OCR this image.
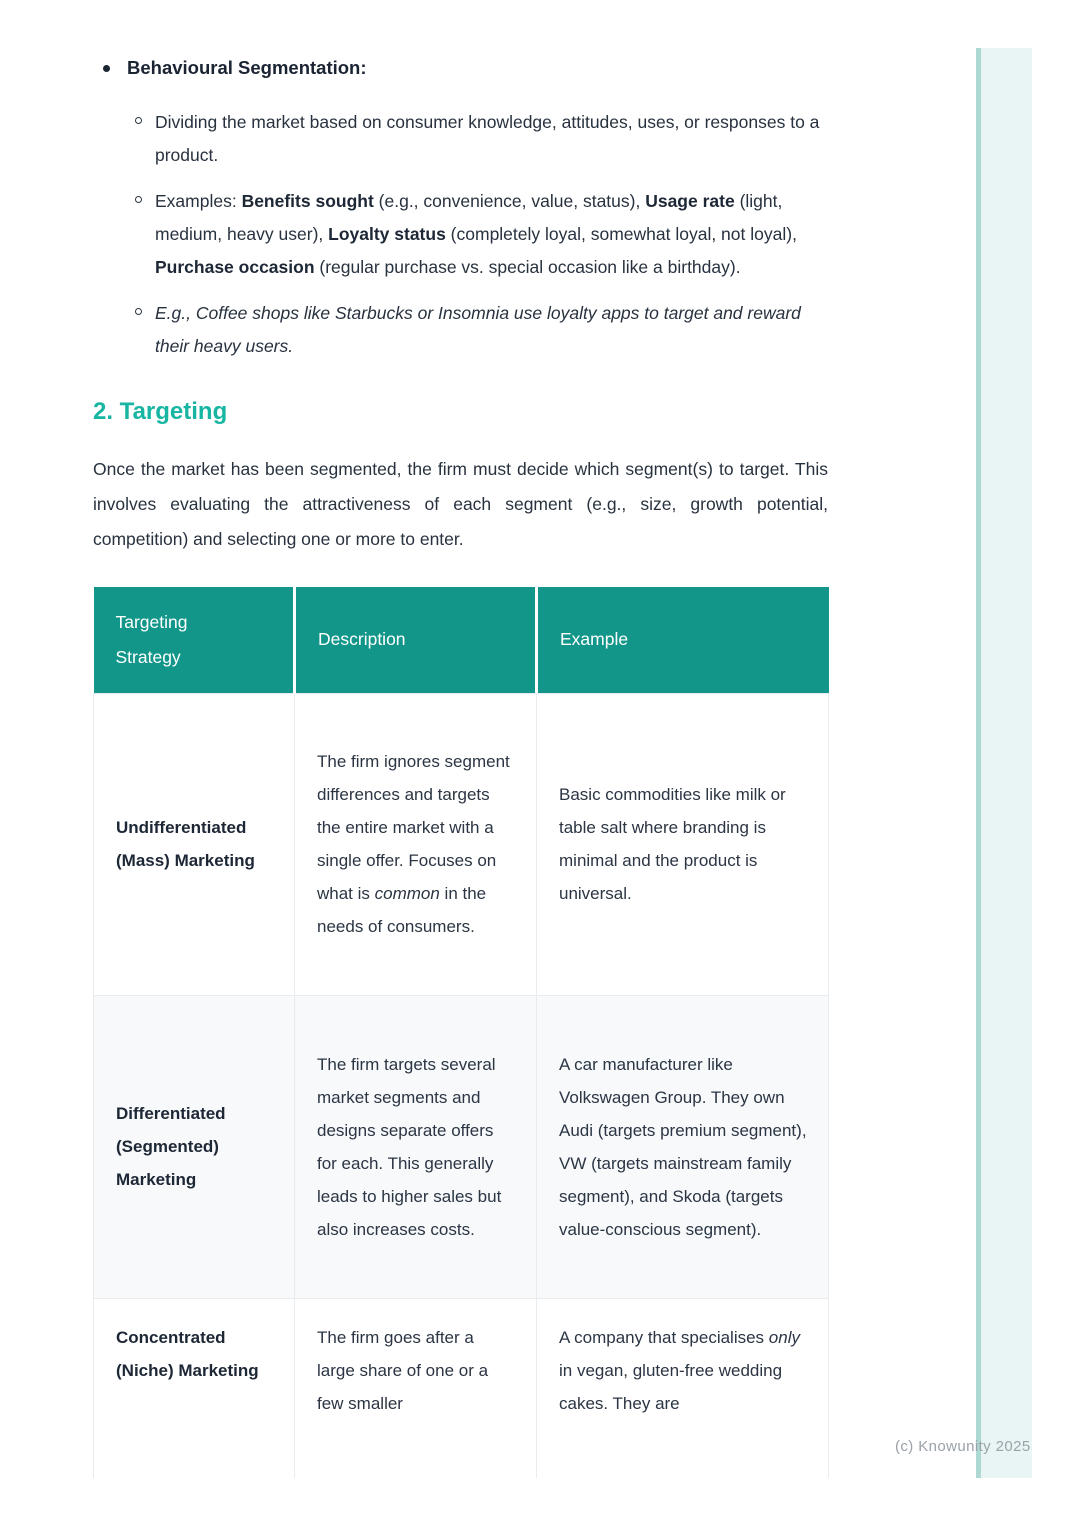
Behavioural Segmentation:
Dividing the market based on consumer knowledge, attitudes, uses, or responses to a product.
Examples: Benefits sought (e.g., convenience, value, status), Usage rate (light, medium, heavy user), Loyalty status (completely loyal, somewhat loyal, not loyal), Purchase occasion (regular purchase vs. special occasion like a birthday).
E.g., Coffee shops like Starbucks or Insomnia use loyalty apps to target and reward their heavy users.
2. Targeting

Once the market has been segmented, the firm must decide which segment(s) to target. This involves evaluating the attractiveness of each segment (e.g., size, growth potential, competition) and selecting one or more to enter.

Targeting Strategy	Description	Example
Undifferentiated (Mass) Marketing	The firm ignores segment differences and targets the entire market with a single offer. Focuses on what is common in the needs of consumers.	Basic commodities like milk or table salt where branding is minimal and the product is universal.
Differentiated (Segmented) Marketing	The firm targets several market segments and designs separate offers for each. This generally leads to higher sales but also increases costs.	A car manufacturer like Volkswagen Group. They own Audi (targets premium segment), VW (targets mainstream family segment), and Skoda (targets value-conscious segment).
Concentrated (Niche) Marketing	The firm goes after a large share of one or a few smaller	A company that specialises only in vegan, gluten-free wedding cakes. They are
(c) Knowunity 2025
